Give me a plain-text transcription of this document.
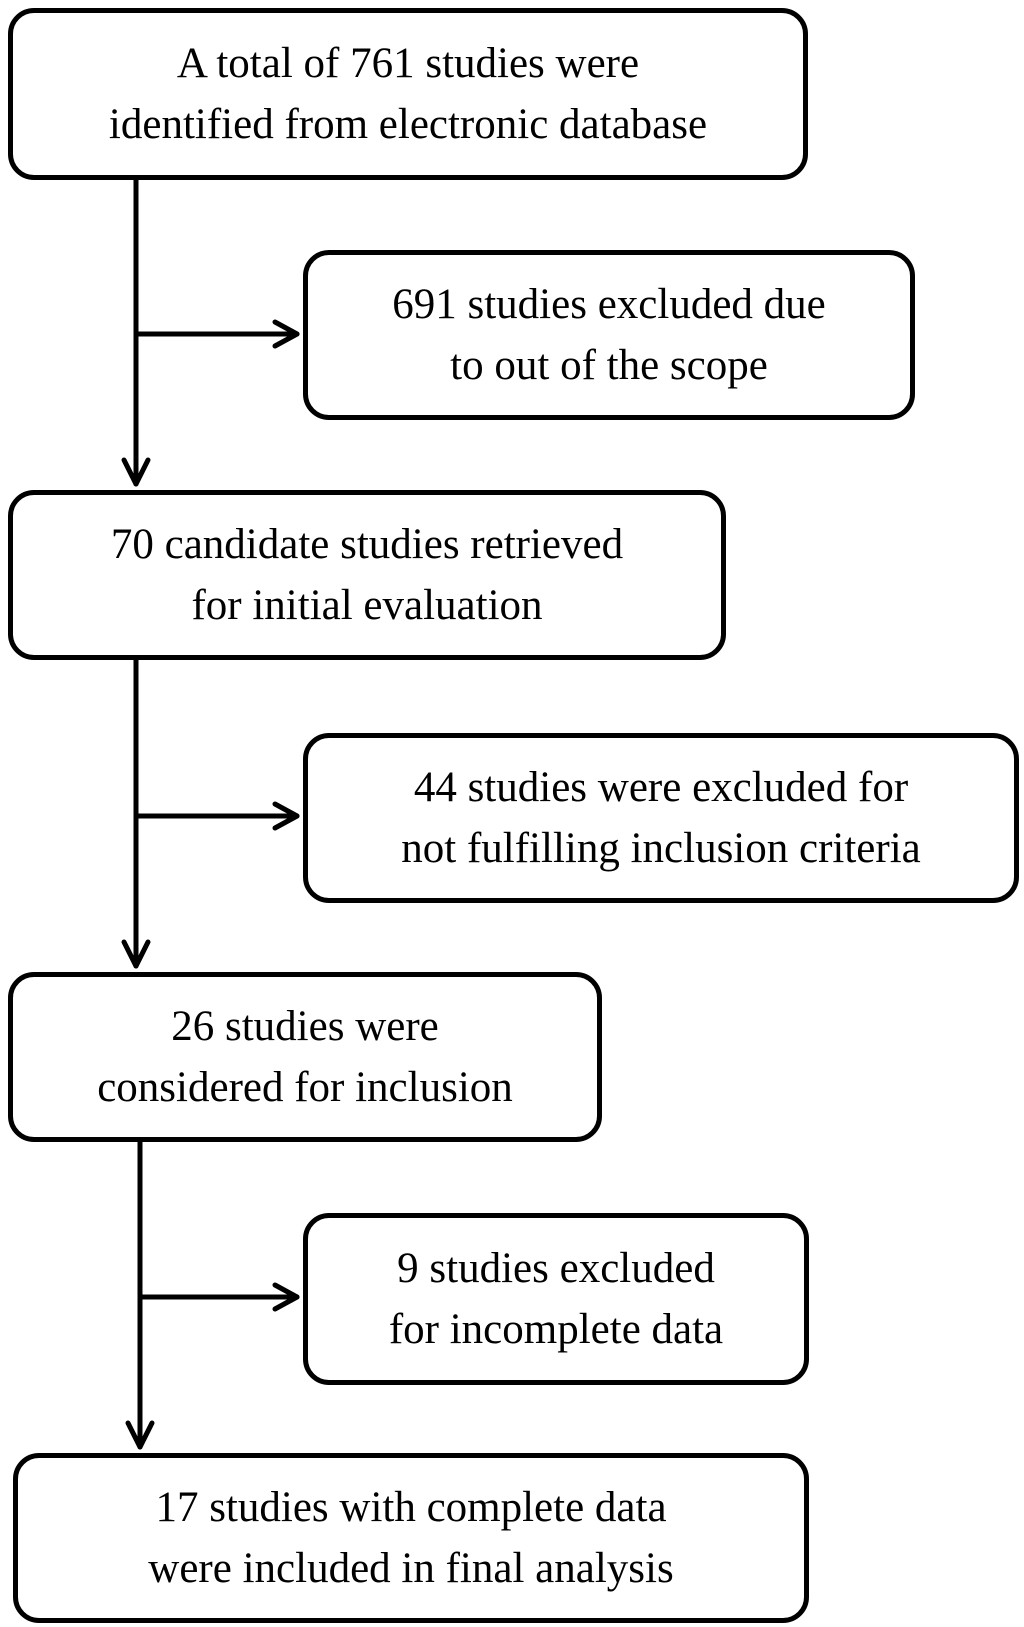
A total of 761 studies were
identified from electronic database
691 studies excluded due
to out of the scope
70 candidate studies retrieved
for initial evaluation
44 studies were excluded for
not fulfilling inclusion criteria
26 studies were
considered for inclusion
9 studies excluded
for incomplete data
17 studies with complete data
were included in final analysis
